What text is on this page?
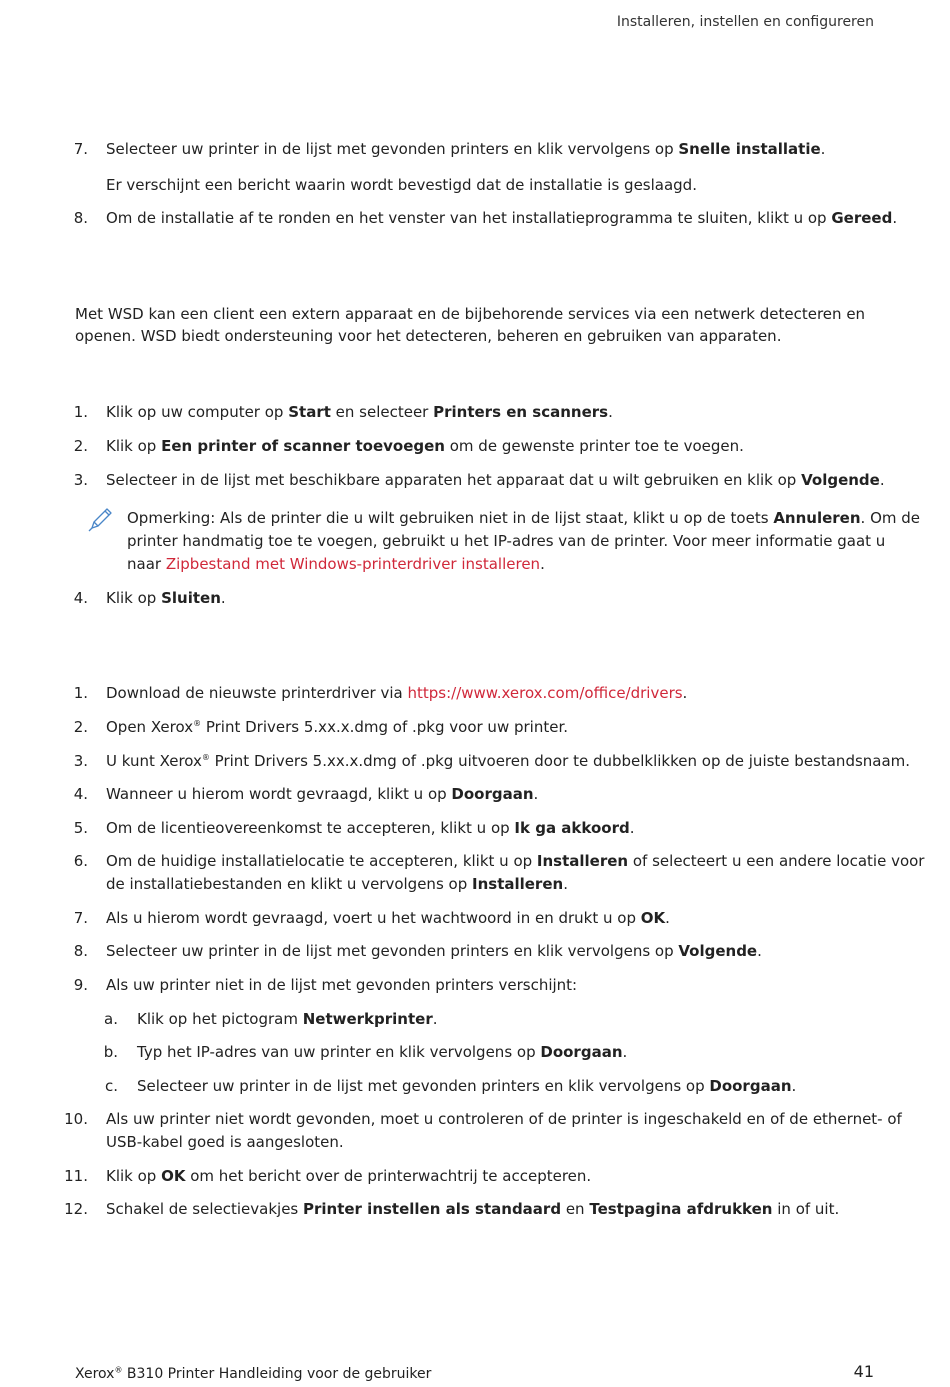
Installeren, instellen en configureren
7. Selecteer uw printer in de lijst met gevonden printers en klik vervolgens op Snelle installatie.
Er verschijnt een bericht waarin wordt bevestigd dat de installatie is geslaagd.
8. Om de installatie af te ronden en het venster van het installatieprogramma te sluiten, klikt u op Gereed.
Met WSD kan een client een extern apparaat en de bijbehorende services via een netwerk detecteren en
openen. WSD biedt ondersteuning voor het detecteren, beheren en gebruiken van apparaten.
1. Klik op uw computer op Start en selecteer Printers en scanners.
2. Klik op Een printer of scanner toevoegen om de gewenste printer toe te voegen.
3. Selecteer in de lijst met beschikbare apparaten het apparaat dat u wilt gebruiken en klik op Volgende.
Opmerking: Als de printer die u wilt gebruiken niet in de lijst staat, klikt u op de toets Annuleren. Om de
printer handmatig toe te voegen, gebruikt u het IP-adres van de printer. Voor meer informatie gaat u
naar Zipbestand met Windows-printerdriver installeren.
4. Klik op Sluiten.
1. Download de nieuwste printerdriver via https://www.xerox.com/office/drivers.
2. Open Xerox® Print Drivers 5.xx.x.dmg of .pkg voor uw printer.
3. U kunt Xerox® Print Drivers 5.xx.x.dmg of .pkg uitvoeren door te dubbelklikken op de juiste bestandsnaam.
4. Wanneer u hierom wordt gevraagd, klikt u op Doorgaan.
5. Om de licentieovereenkomst te accepteren, klikt u op Ik ga akkoord.
6. Om de huidige installatielocatie te accepteren, klikt u op Installeren of selecteert u een andere locatie voor
de installatiebestanden en klikt u vervolgens op Installeren.
7. Als u hierom wordt gevraagd, voert u het wachtwoord in en drukt u op OK.
8. Selecteer uw printer in de lijst met gevonden printers en klik vervolgens op Volgende.
9. Als uw printer niet in de lijst met gevonden printers verschijnt:
a. Klik op het pictogram Netwerkprinter.
b. Typ het IP-adres van uw printer en klik vervolgens op Doorgaan.
c. Selecteer uw printer in de lijst met gevonden printers en klik vervolgens op Doorgaan.
10. Als uw printer niet wordt gevonden, moet u controleren of de printer is ingeschakeld en of de ethernet- of
USB-kabel goed is aangesloten.
11. Klik op OK om het bericht over de printerwachtrij te accepteren.
12. Schakel de selectievakjes Printer instellen als standaard en Testpagina afdrukken in of uit.
Xerox® B310 Printer Handleiding voor de gebruiker	41
